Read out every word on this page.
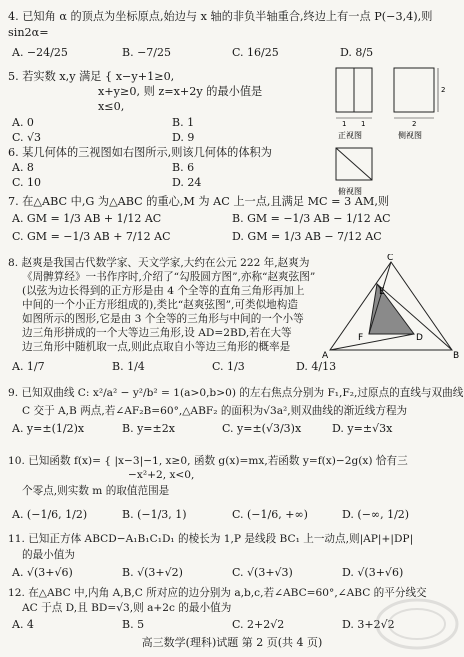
4. 已知角 α 的顶点为坐标原点,始边与 x 轴的非负半轴重合,终边上有一点 P(−3,4),则
sin2α=
A. −24/25	B. −7/25	C. 16/25	D. 8/5
5. 若实数 x,y 满足 { x−y+1≥0,
x+y≥0, 则 z=x+2y 的最小值是
x≤0,
A. 0	B. 1
C. √3	D. 9
6. 某几何体的三视图如右图所示,则该几何体的体积为
A. 8	B. 6
C. 10	D. 24
1 1
正视图
2
2
侧视图
俯视图
7. 在△ABC 中,G 为△ABC 的重心,M 为 AC 上一点,且满足 MC = 3 AM,则
A. GM = 1/3 AB + 1/12 AC	B. GM = −1/3 AB − 1/12 AC
C. GM = −1/3 AB + 7/12 AC	D. GM = 1/3 AB − 7/12 AC
8. 赵爽是我国古代数学家、天文学家,大约在公元 222 年,赵爽为
《周髀算经》一书作序时,介绍了“勾股圆方图”,亦称“赵爽弦图”
(以弦为边长得到的正方形是由 4 个全等的直角三角形再加上
中间的一个小正方形组成的),类比“赵爽弦图”,可类似地构造
如图所示的图形,它是由 3 个全等的三角形与中间的一个小等
边三角形拼成的一个大等边三角形,设 AD=2BD,若在大等
边三角形中随机取一点,则此点取自小等边三角形的概率是
A. 1/7	B. 1/4	C. 1/3	D. 4/13
C
A	B
E
F	D
9. 已知双曲线 C: x²/a² − y²/b² = 1(a>0,b>0) 的左右焦点分别为 F₁,F₂,过原点的直线与双曲线
C 交于 A,B 两点,若∠AF₂B=60°,△ABF₂ 的面积为√3a²,则双曲线的渐近线方程为
A. y=±(1/2)x	B. y=±2x	C. y=±(√3/3)x	D. y=±√3x
10. 已知函数 f(x)= { |x−3|−1, x≥0, 函数 g(x)=mx,若函数 y=f(x)−2g(x) 恰有三
−x²+2, x<0,
个零点,则实数 m 的取值范围是
A. (−1/6, 1/2)	B. (−1/3, 1)	C. (−1/6, +∞)	D. (−∞, 1/2)
11. 已知正方体 ABCD−A₁B₁C₁D₁ 的棱长为 1,P 是线段 BC₁ 上一动点,则|AP|+|DP|
的最小值为
A. √(3+√6)	B. √(3+√2)	C. √(3+√3)	D. √(3+√6)
12. 在△ABC 中,内角 A,B,C 所对应的边分别为 a,b,c,若∠ABC=60°,∠ABC 的平分线交
AC 于点 D,且 BD=√3,则 a+2c 的最小值为
A. 4	B. 5	C. 2+2√2	D. 3+2√2
高三数学(理科)试题 第 2 页(共 4 页)
